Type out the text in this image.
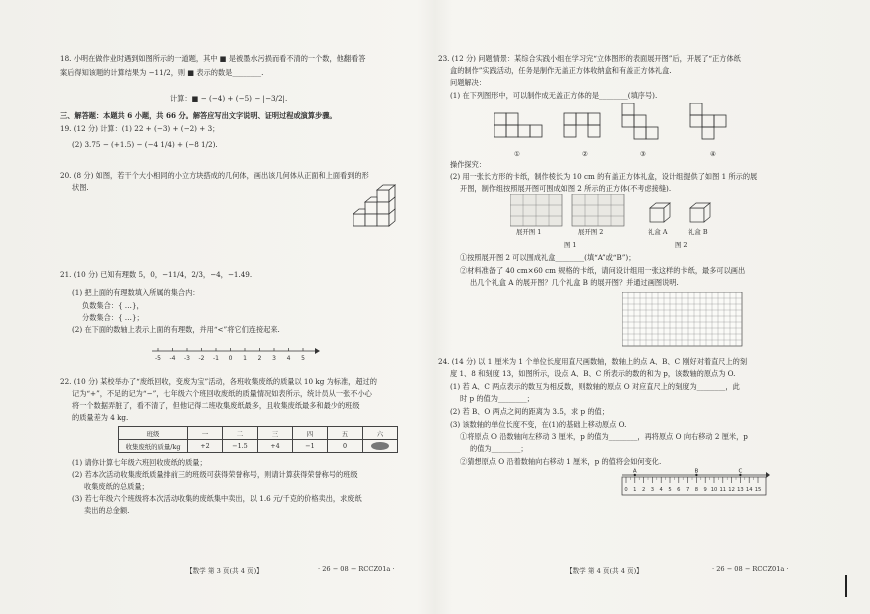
18. 小明在做作业时遇到如图所示的一道题，其中 ■ 是被墨水污损而看不清的一个数，他翻看答
案后得知该题的计算结果为 −11/2，则 ■ 表示的数是________.
计算：■ − (−4) + (−5) − |−3/2|.
三、解答题：本题共 6 小题，共 66 分。解答应写出文字说明、证明过程或演算步骤。
19. (12 分) 计算：(1) 22 + (−3) + (−2) + 3；
(2) 3.75 − (+1.5) − (−4 1/4) + (−8 1/2).
20. (8 分) 如图，若干个大小相同的小立方块搭成的几何体，画出该几何体从正面和上面看到的形
状图.
21. (10 分) 已知有理数 5，0，−11/4，2/3，−4，−1.49.
(1) 把上面的有理数填入所属的集合内：
负数集合：{ …}，
分数集合：{ …}；
(2) 在下面的数轴上表示上面的有理数，并用“<”将它们连接起来.
-5 -4 -3 -2 -1 0 1 2 3 4 5
22. (10 分) 某校举办了“废纸回收，变废为宝”活动，各班收集废纸的质量以 10 kg 为标准，超过的
记为“+”，不足的记为“−”，七年级六个班回收废纸的质量情况如表所示，统计员从一张不小心
将一个数据弄脏了，看不清了，但他记得二班收集废纸最多，且收集废纸最多和最少的班级
的质量差为 4 kg.
班级	一	二	三	四	五	六
收集废纸的质量/kg	+2	−1.5	+4	−1	0	
(1) 请你计算七年级六班回收废纸的质量；
(2) 若本次活动收集废纸质量排前三的班级可获得荣誉称号，则请计算获得荣誉称号的班级
收集废纸的总质量；
(3) 若七年级六个班级将本次活动收集的废纸集中卖出，以 1.6 元/千克的价格卖出，求废纸
卖出的总金额.
【数学 第 3 页(共 4 页)】	· 26 − 08 − RCCZ01a ·
23. (12 分) 问题情景：某综合实践小组在学习完“立体图形的表面展开图”后，开展了“正方体纸
盒的制作”实践活动，任务是制作无盖正方体收纳盒和有盖正方体礼盒.
问题解决：
(1) 在下列图形中，可以制作成无盖正方体的是________(填序号).
①	②	③	④
操作探究：
(2) 用一张长方形的卡纸，制作棱长为 10 cm 的有盖正方体礼盒，设计组提供了如图 1 所示的展
开图，制作组按照展开图可围成如图 2 所示的正方体(不考虑接缝).
展开图 1	展开图 2
图 1
礼盒 A	礼盒 B
图 2
①按照展开图 2 可以围成礼盒________(填“A”或“B”)；
②材料准备了 40 cm×60 cm 规格的卡纸，请问设计组用一张这样的卡纸，最多可以画出
出几个礼盒 A 的展开图？几个礼盒 B 的展开图？并通过画图说明.
24. (14 分) 以 1 厘米为 1 个单位长度用直尺画数轴，数轴上的点 A、B、C 刚好对着直尺上的刻
度 1、8 和刻度 13，如图所示，设点 A、B、C 所表示的数的和为 p，该数轴的原点为 O.
(1) 若 A、C 两点表示的数互为相反数，则数轴的原点 O 对应直尺上的刻度为________，此
时 p 的值为________；
(2) 若 B、O 两点之间的距离为 3.5，求 p 的值；
(3) 该数轴的单位长度不变，在(1)的基础上移动原点 O.
①将原点 O 沿数轴向左移动 3 厘米，p 的值为________，再将原点 O 向右移动 2 厘米，p
的值为________；
②猜想原点 O 沿着数轴向右移动 1 厘米，p 的值将会如何变化.
0 1 2 3 4 5 6 7 8 9 10 11 12 13 14 15
A	B	C
【数学 第 4 页(共 4 页)】	· 26 − 08 − RCCZ01a ·
